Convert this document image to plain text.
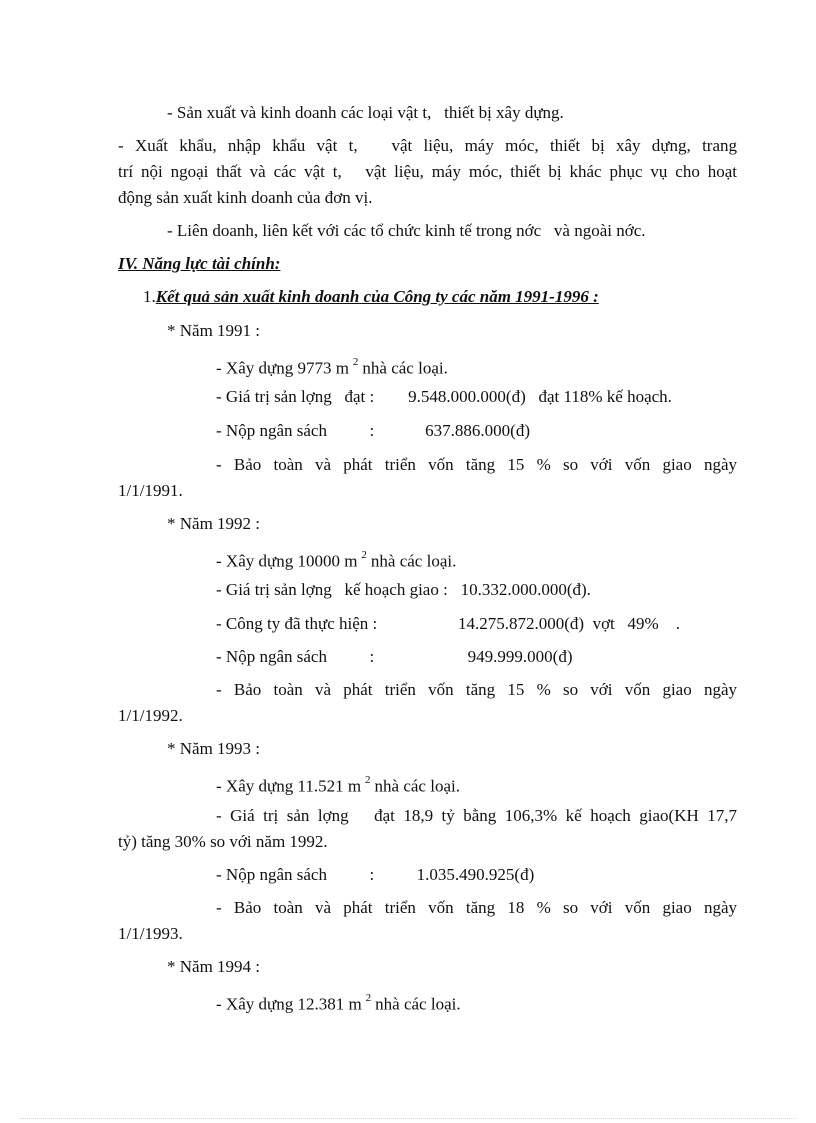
- Sản xuất và kinh doanh các loại vật t,   thiết bị xây dựng.
- Xuất khẩu, nhập khẩu vật t,   vật liệu, máy móc, thiết bị xây dựng, trang
trí nội ngoại thất và các vật t,   vật liệu, máy móc, thiết bị khác phục vụ cho hoạt
động sản xuất kinh doanh của đơn vị.
- Liên doanh, liên kết với các tổ chức kinh tế trong nớc   và ngoài nớc.
IV. Năng lực tài chính:
1.Kết quả sản xuất kinh doanh của Công ty các năm 1991-1996 :
* Năm 1991 :
- Xây dựng 9773 m $^2$ nhà các loại.
- Giá trị sản lợng   đạt :        9.548.000.000(đ)   đạt 118% kế hoạch.
- Nộp ngân sách          :            637.886.000(đ)
- Bảo toàn và phát triển vốn tăng 15 % so với vốn giao ngày
1/1/1991.
* Năm 1992 :
- Xây dựng 10000 m $^2$ nhà các loại.
- Giá trị sản lợng   kế hoạch giao :   10.332.000.000(đ).
- Công ty đã thực hiện :                   14.275.872.000(đ)  vợt   49%    .
- Nộp ngân sách          :                      949.999.000(đ)
- Bảo toàn và phát triển vốn tăng 15 % so với vốn giao ngày
1/1/1992.
* Năm 1993 :
- Xây dựng 11.521 m $^2$ nhà các loại.
- Giá trị sản lợng   đạt 18,9 tỷ bằng 106,3% kế hoạch giao(KH 17,7
tỷ) tăng 30% so với năm 1992.
- Nộp ngân sách          :          1.035.490.925(đ)
- Bảo toàn và phát triển vốn tăng 18 % so với vốn giao ngày
1/1/1993.
* Năm 1994 :
- Xây dựng 12.381 m $^2$ nhà các loại.
